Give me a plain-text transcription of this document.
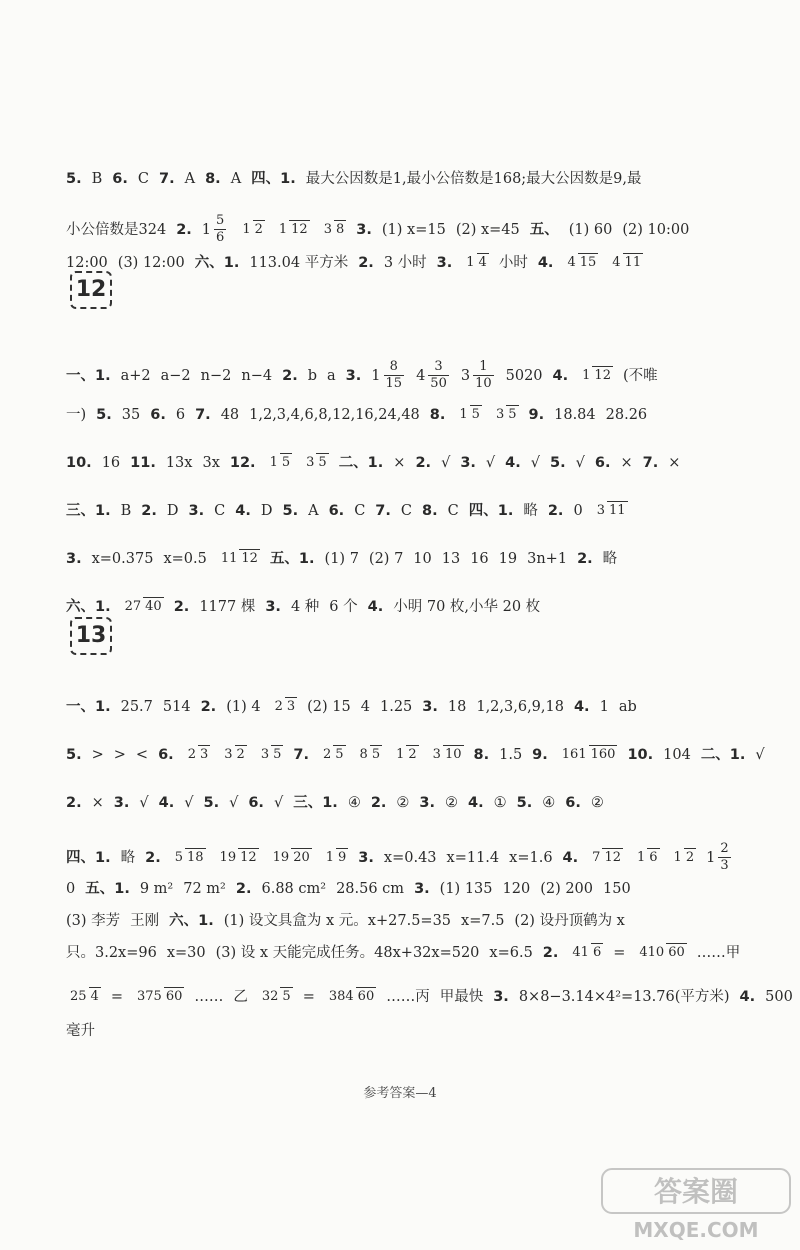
5. B 6. C 7. A 8. A 四、1. 最大公因数是1,最小公倍数是168;最大公因数是9,最
小公倍数是324 2. $1 \frac{5}{6} 1$ 2 1 12 3 8 3. (1) x=15 (2) x=45 五、 (1) 60 (2) 10:00
12:00 (3) 12:00 六、1. 113.04 平方米 2. 3 小时 3. 1 4 小时 4. 4 15 4 11
一、1. a+2 a−2 n−2 n−4 2. b a 3. $1 \frac{8}{15} 4 \frac{3}{50} 3 \frac{1}{10} 5020$ 4. 1 12 (不唯
一) 5. 35 6. 6 7. 48 1,2,3,4,6,8,12,16,24,48 8. 1 5 3 5 9. 18.84 28.26
10. 16 11. 13x 3x 12. 1 5 3 5 二、1. × 2. √ 3. √ 4. √ 5. √ 6. × 7. ×
三、1. B 2. D 3. C 4. D 5. A 6. C 7. C 8. C 四、1. 略 2. 0 3 11
3. x=0.375 x=0.5 11 12 五、1. (1) 7 (2) 7 10 13 16 19 3n+1 2. 略
六、1. 27 40 2. 1177 棵 3. 4 种 6 个 4. 小明 70 枚,小华 20 枚
一、1. 25.7 514 2. (1) 4 2 3 (2) 15 4 1.25 3. 18 1,2,3,6,9,18 4. 1 ab
5. > > < 6. 2 3 3 2 3 5 7. 2 5 8 5 1 2 3 10 8. 1.5 9. 161 160 10. 104 二、1. √
2. × 3. √ 4. √ 5. √ 6. √ 三、1. ④ 2. ② 3. ② 4. ① 5. ④ 6. ②
四、1. 略 2. 5 18 19 12 19 20 1 9 3. x=0.43 x=11.4 x=1.6 4. 7 12 1 6 1 2 $1 \frac{2}{3}$
0 五、1. 9 m² 72 m² 2. 6.88 cm² 28.56 cm 3. (1) 135 120 (2) 200 150
(3) 李芳 王刚 六、1. (1) 设文具盒为 x 元。x+27.5=35 x=7.5 (2) 设丹顶鹤为 x
只。3.2x=96 x=30 (3) 设 x 天能完成任务。48x+32x=520 x=6.5 2. 41 6 = 410 60 ……甲
25 4 = 375 60 …… 乙 32 5 = 384 60 ……丙 甲最快 3. 8×8−3.14×4²=13.76(平方米) 4. 500
毫升
12
13
参考答案—4
答案圈
MXQE.COM
